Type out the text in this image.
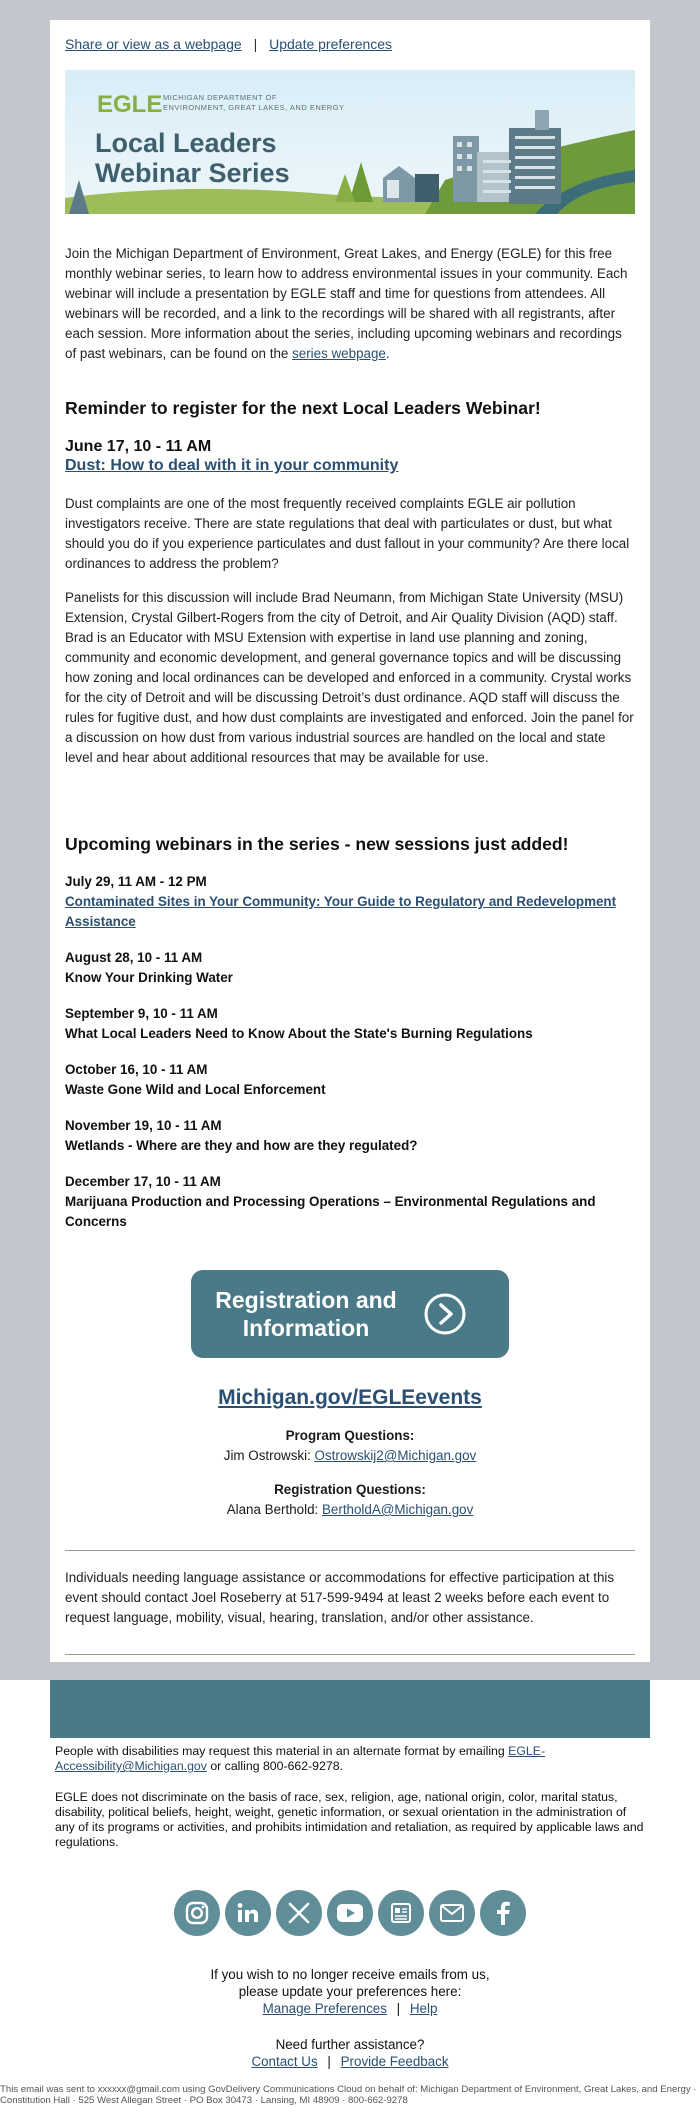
Share or view as a webpage | Update preferences
EGLE MICHIGAN DEPARTMENT OF
ENVIRONMENT, GREAT LAKES, AND ENERGY
Local Leaders
Webinar Series

Join the Michigan Department of Environment, Great Lakes, and Energy (EGLE) for this free monthly webinar series, to learn how to address environmental issues in your community. Each webinar will include a presentation by EGLE staff and time for questions from attendees. All webinars will be recorded, and a link to the recordings will be shared with all registrants, after each session. More information about the series, including upcoming webinars and recordings of past webinars, can be found on the series webpage.

Reminder to register for the next Local Leaders Webinar!
June 17, 10 - 11 AM
Dust: How to deal with it in your community

Dust complaints are one of the most frequently received complaints EGLE air pollution investigators receive. There are state regulations that deal with particulates or dust, but what should you do if you experience particulates and dust fallout in your community? Are there local ordinances to address the problem?

Panelists for this discussion will include Brad Neumann, from Michigan State University (MSU) Extension, Crystal Gilbert-Rogers from the city of Detroit, and Air Quality Division (AQD) staff. Brad is an Educator with MSU Extension with expertise in land use planning and zoning, community and economic development, and general governance topics and will be discussing how zoning and local ordinances can be developed and enforced in a community. Crystal works for the city of Detroit and will be discussing Detroit’s dust ordinance. AQD staff will discuss the rules for fugitive dust, and how dust complaints are investigated and enforced. Join the panel for a discussion on how dust from various industrial sources are handled on the local and state level and hear about additional resources that may be available for use.

Upcoming webinars in the series - new sessions just added!
July 29, 11 AM - 12 PM
Contaminated Sites in Your Community: Your Guide to Regulatory and Redevelopment Assistance
August 28, 10 - 11 AM
Know Your Drinking Water
September 9, 10 - 11 AM
What Local Leaders Need to Know About the State's Burning Regulations
October 16, 10 - 11 AM
Waste Gone Wild and Local Enforcement
November 19, 10 - 11 AM
Wetlands - Where are they and how are they regulated?
December 17, 10 - 11 AM
Marijuana Production and Processing Operations – Environmental Regulations and Concerns
Registration and
Information
Michigan.gov/EGLEevents
Program Questions:
Jim Ostrowski: Ostrowskij2@Michigan.gov
Registration Questions:
Alana Berthold: BertholdA@Michigan.gov

Individuals needing language assistance or accommodations for effective participation at this event should contact Joel Roseberry at 517-599-9494 at least 2 weeks before each event to request language, mobility, visual, hearing, translation, and/or other assistance.

People with disabilities may request this material in an alternate format by emailing EGLE-Accessibility@Michigan.gov or calling 800-662-9278.

EGLE does not discriminate on the basis of race, sex, religion, age, national origin, color, marital status, disability, political beliefs, height, weight, genetic information, or sexual orientation in the administration of any of its programs or activities, and prohibits intimidation and retaliation, as required by applicable laws and regulations.

If you wish to no longer receive emails from us,
please update your preferences here:
Manage Preferences | Help
Need further assistance?
Contact Us | Provide Feedback
This email was sent to xxxxxx@gmail.com using GovDelivery Communications Cloud on behalf of: Michigan Department of Environment, Great Lakes, and Energy · Constitution Hall · 525 West Allegan Street · PO Box 30473 · Lansing, MI 48909 · 800-662-9278
